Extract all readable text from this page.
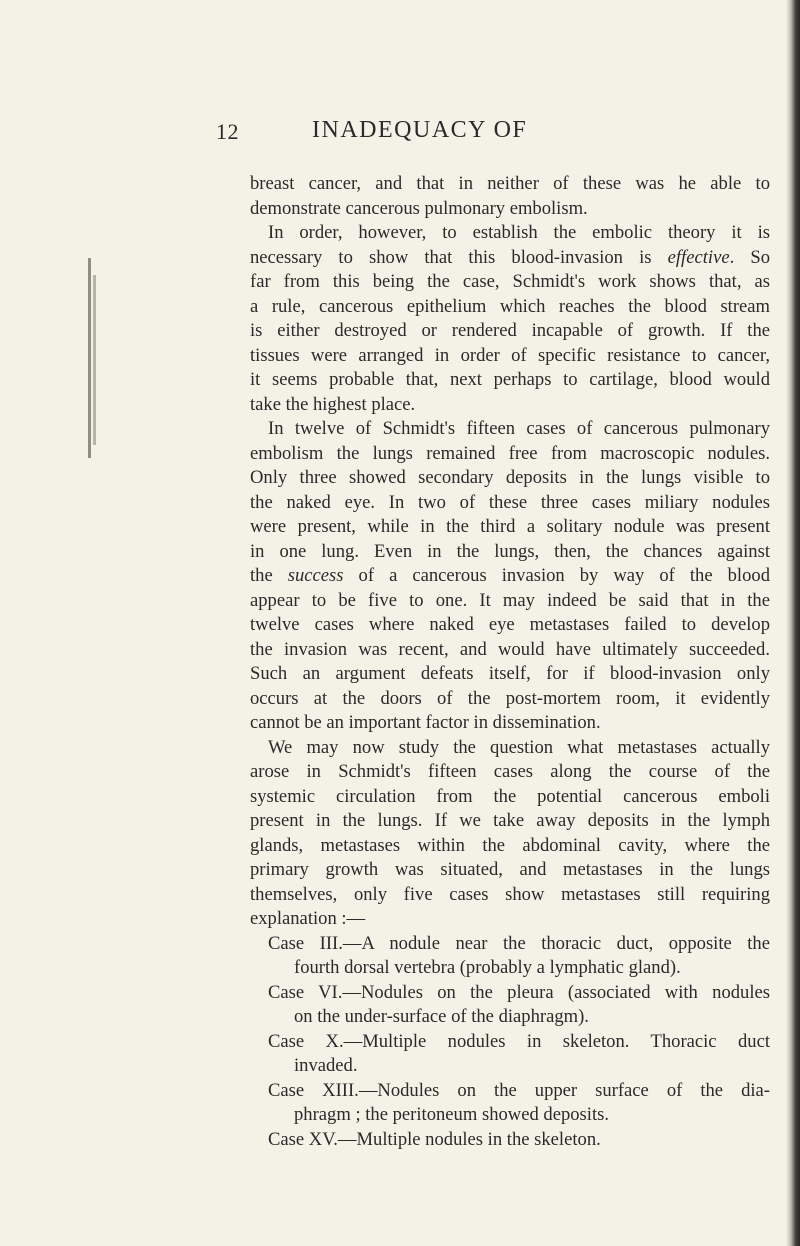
12	INADEQUACY OF
breast cancer, and that in neither of these was he able to
demonstrate cancerous pulmonary embolism.
In order, however, to establish the embolic theory it is
necessary to show that this blood-invasion is effective. So
far from this being the case, Schmidt's work shows that, as
a rule, cancerous epithelium which reaches the blood stream
is either destroyed or rendered incapable of growth. If the
tissues were arranged in order of specific resistance to cancer,
it seems probable that, next perhaps to cartilage, blood would
take the highest place.
In twelve of Schmidt's fifteen cases of cancerous pulmonary
embolism the lungs remained free from macroscopic nodules.
Only three showed secondary deposits in the lungs visible to
the naked eye. In two of these three cases miliary nodules
were present, while in the third a solitary nodule was present
in one lung. Even in the lungs, then, the chances against
the success of a cancerous invasion by way of the blood
appear to be five to one. It may indeed be said that in the
twelve cases where naked eye metastases failed to develop
the invasion was recent, and would have ultimately succeeded.
Such an argument defeats itself, for if blood-invasion only
occurs at the doors of the post-mortem room, it evidently
cannot be an important factor in dissemination.
We may now study the question what metastases actually
arose in Schmidt's fifteen cases along the course of the
systemic circulation from the potential cancerous emboli
present in the lungs. If we take away deposits in the lymph
glands, metastases within the abdominal cavity, where the
primary growth was situated, and metastases in the lungs
themselves, only five cases show metastases still requiring
explanation :—
Case III.—A nodule near the thoracic duct, opposite the
fourth dorsal vertebra (probably a lymphatic gland).
Case VI.—Nodules on the pleura (associated with nodules
on the under-surface of the diaphragm).
Case X.—Multiple nodules in skeleton. Thoracic duct
invaded.
Case XIII.—Nodules on the upper surface of the dia-
phragm ; the peritoneum showed deposits.
Case XV.—Multiple nodules in the skeleton.
